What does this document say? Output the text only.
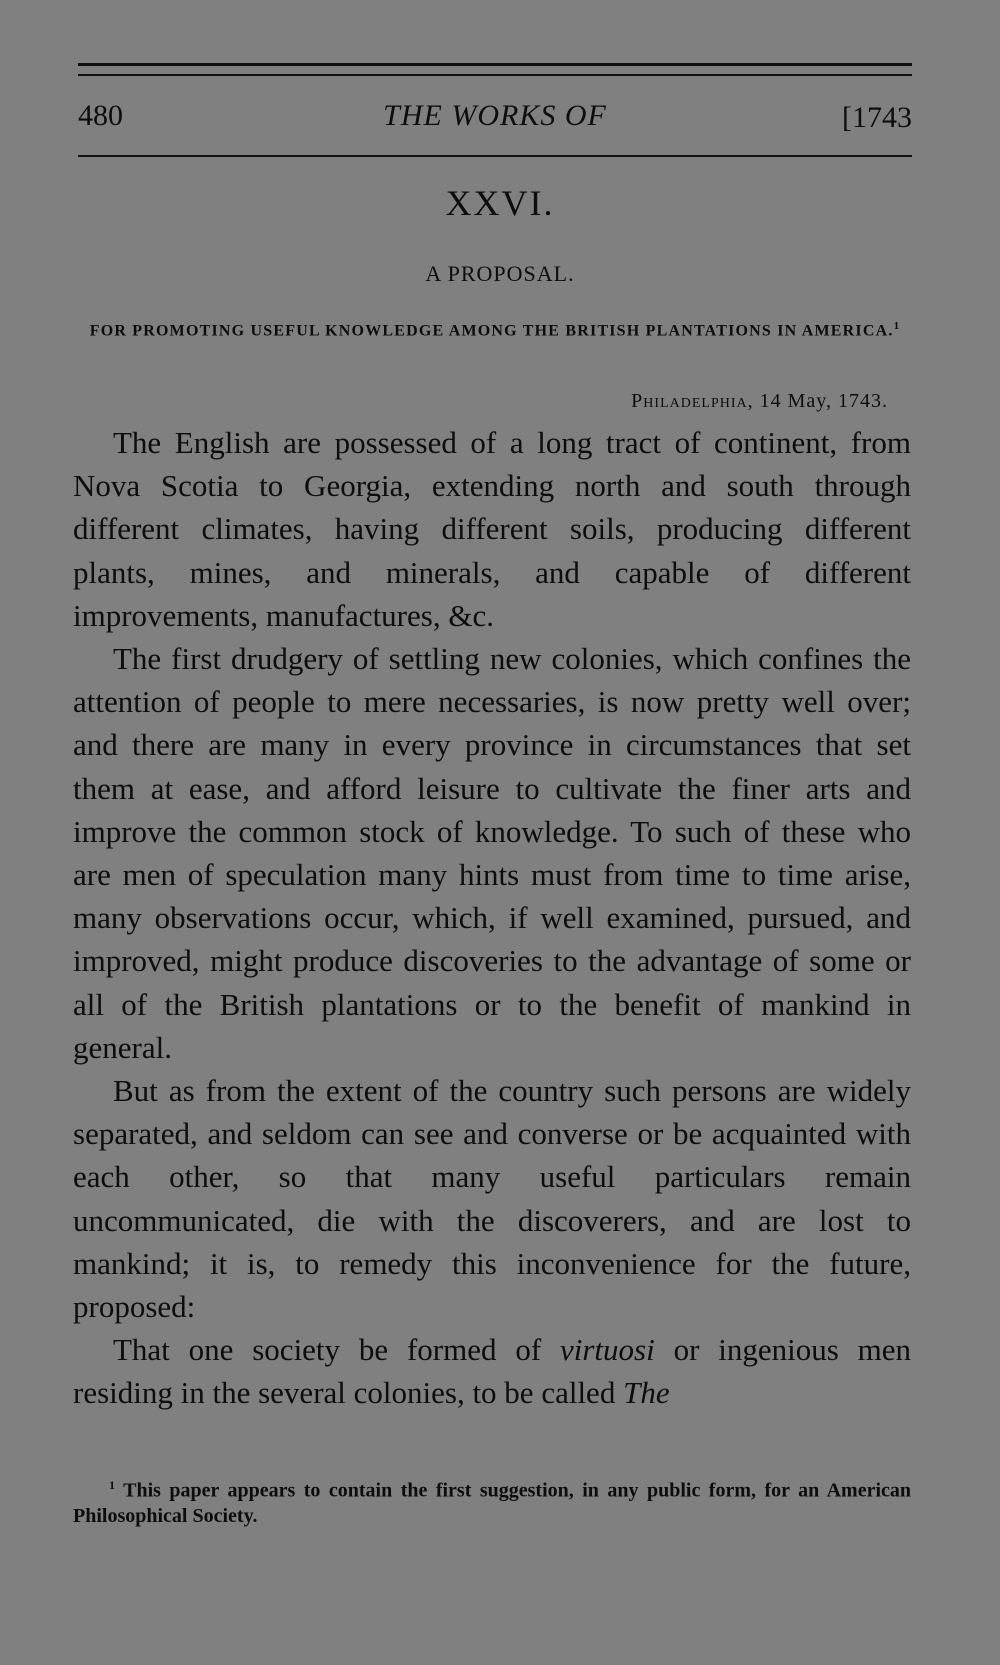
480	THE WORKS OF	[1743
XXVI.
A PROPOSAL.
FOR PROMOTING USEFUL KNOWLEDGE AMONG THE BRITISH PLANTATIONS IN AMERICA.$^1$
Philadelphia, 14 May, 1743.

The English are possessed of a long tract of continent, from Nova Scotia to Georgia, extending north and south through different climates, having different soils, producing different plants, mines, and minerals, and capable of different improvements, manufactures, &c.

The first drudgery of settling new colonies, which confines the attention of people to mere necessaries, is now pretty well over; and there are many in every province in circumstances that set them at ease, and afford leisure to cultivate the finer arts and improve the common stock of knowledge. To such of these who are men of speculation many hints must from time to time arise, many observations occur, which, if well examined, pursued, and improved, might produce discoveries to the advantage of some or all of the British plantations or to the benefit of mankind in general.

But as from the extent of the country such persons are widely separated, and seldom can see and converse or be acquainted with each other, so that many useful particulars remain uncommunicated, die with the discoverers, and are lost to mankind; it is, to remedy this inconvenience for the future, proposed:

That one society be formed of virtuosi or ingenious men residing in the several colonies, to be called The

$^1$ This paper appears to contain the first suggestion, in any public form, for an American Philosophical Society.
